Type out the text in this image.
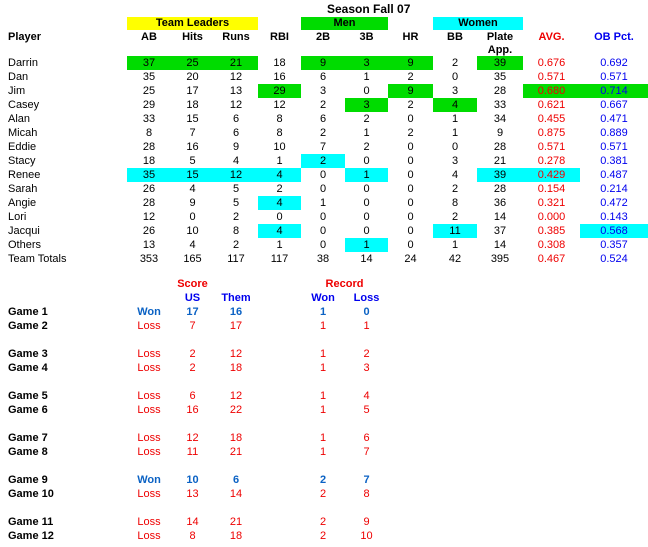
Season Fall 07
	Team Leaders				Men			Women			
Player	AB	Hits	Runs	RBI	2B	3B	HR	BB	Plate	AVG.	OB Pct.
									App.		
Darrin	37	25	21	18	9	3	9	2	39	0.676	0.692
Dan	35	20	12	16	6	1	2	0	35	0.571	0.571
Jim	25	17	13	29	3	0	9	3	28	0.680	0.714
Casey	29	18	12	12	2	3	2	4	33	0.621	0.667
Alan	33	15	6	8	6	2	0	1	34	0.455	0.471
Micah	8	7	6	8	2	1	2	1	9	0.875	0.889
Eddie	28	16	9	10	7	2	0	0	28	0.571	0.571
Stacy	18	5	4	1	2	0	0	3	21	0.278	0.381
Renee	35	15	12	4	0	1	0	4	39	0.429	0.487
Sarah	26	4	5	2	0	0	0	2	28	0.154	0.214
Angie	28	9	5	4	1	0	0	8	36	0.321	0.472
Lori	12	0	2	0	0	0	0	2	14	0.000	0.143
Jacqui	26	10	8	4	0	0	0	11	37	0.385	0.568
Others	13	4	2	1	0	1	0	1	14	0.308	0.357
Team Totals	353	165	117	117	38	14	24	42	395	0.467	0.524
		Score			Record		
		US	Them		Won	Loss	
Game 1	Won	17	16		1	0	
Game 2	Loss	7	17		1	1	

Game 3	Loss	2	12		1	2	
Game 4	Loss	2	18		1	3	

Game 5	Loss	6	12		1	4	
Game 6	Loss	16	22		1	5	

Game 7	Loss	12	18		1	6	
Game 8	Loss	11	21		1	7	

Game 9	Won	10	6		2	7	
Game 10	Loss	13	14		2	8	

Game 11	Loss	14	21		2	9	
Game 12	Loss	8	18		2	10	
